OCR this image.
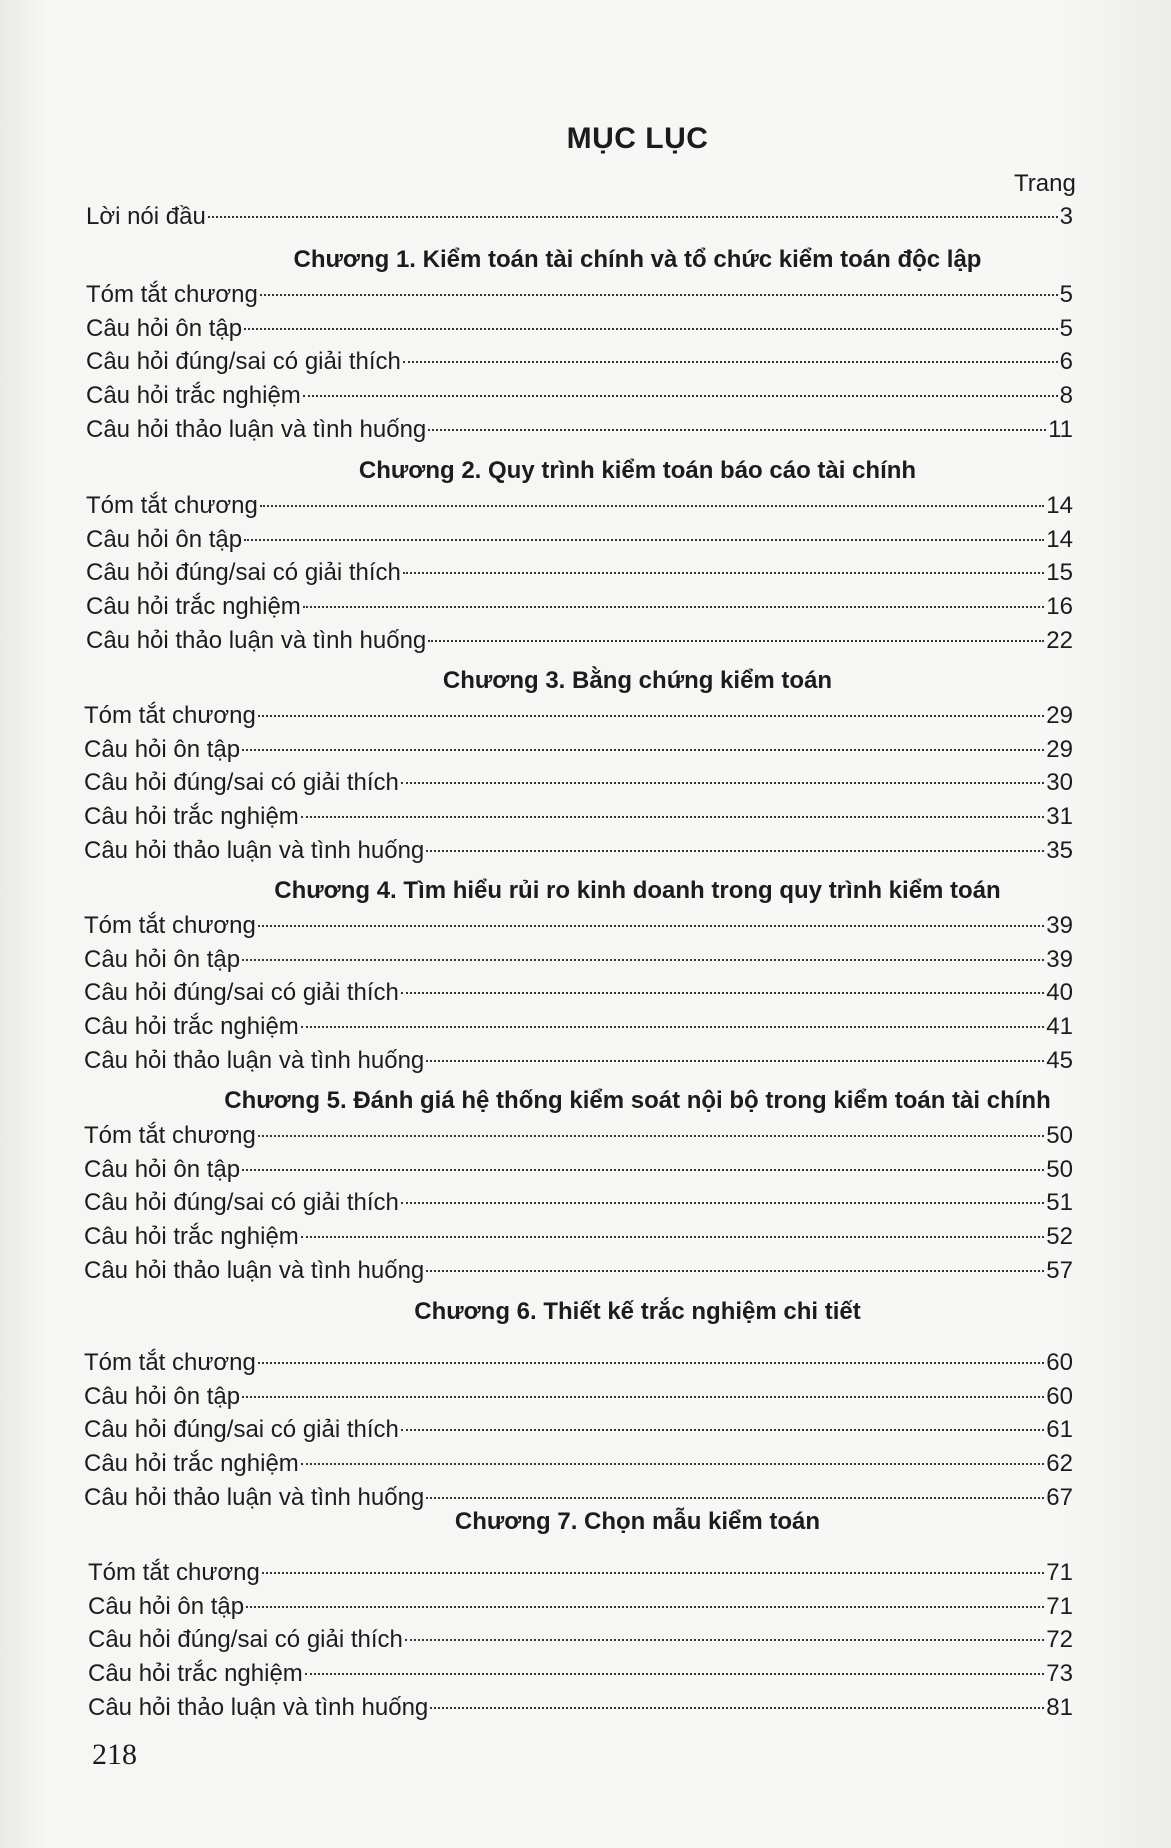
MỤC LỤC
Trang
Lời nói đầu	3
Chương 1. Kiểm toán tài chính và tổ chức kiểm toán độc lập
Tóm tắt chương	5
Câu hỏi ôn tập	5
Câu hỏi đúng/sai có giải thích	6
Câu hỏi trắc nghiệm	8
Câu hỏi thảo luận và tình huống	11
Chương 2. Quy trình kiểm toán báo cáo tài chính
Tóm tắt chương	14
Câu hỏi ôn tập	14
Câu hỏi đúng/sai có giải thích	15
Câu hỏi trắc nghiệm	16
Câu hỏi thảo luận và tình huống	22
Chương 3. Bằng chứng kiểm toán
Tóm tắt chương	29
Câu hỏi ôn tập	29
Câu hỏi đúng/sai có giải thích	30
Câu hỏi trắc nghiệm	31
Câu hỏi thảo luận và tình huống	35
Chương 4. Tìm hiểu rủi ro kinh doanh trong quy trình kiểm toán
Tóm tắt chương	39
Câu hỏi ôn tập	39
Câu hỏi đúng/sai có giải thích	40
Câu hỏi trắc nghiệm	41
Câu hỏi thảo luận và tình huống	45
Chương 5. Đánh giá hệ thống kiểm soát nội bộ trong kiểm toán tài chính
Tóm tắt chương	50
Câu hỏi ôn tập	50
Câu hỏi đúng/sai có giải thích	51
Câu hỏi trắc nghiệm	52
Câu hỏi thảo luận và tình huống	57
Chương 6. Thiết kế trắc nghiệm chi tiết
Tóm tắt chương	60
Câu hỏi ôn tập	60
Câu hỏi đúng/sai có giải thích	61
Câu hỏi trắc nghiệm	62
Câu hỏi thảo luận và tình huống	67
Chương 7. Chọn mẫu kiểm toán
Tóm tắt chương	71
Câu hỏi ôn tập	71
Câu hỏi đúng/sai có giải thích	72
Câu hỏi trắc nghiệm	73
Câu hỏi thảo luận và tình huống	81
218
